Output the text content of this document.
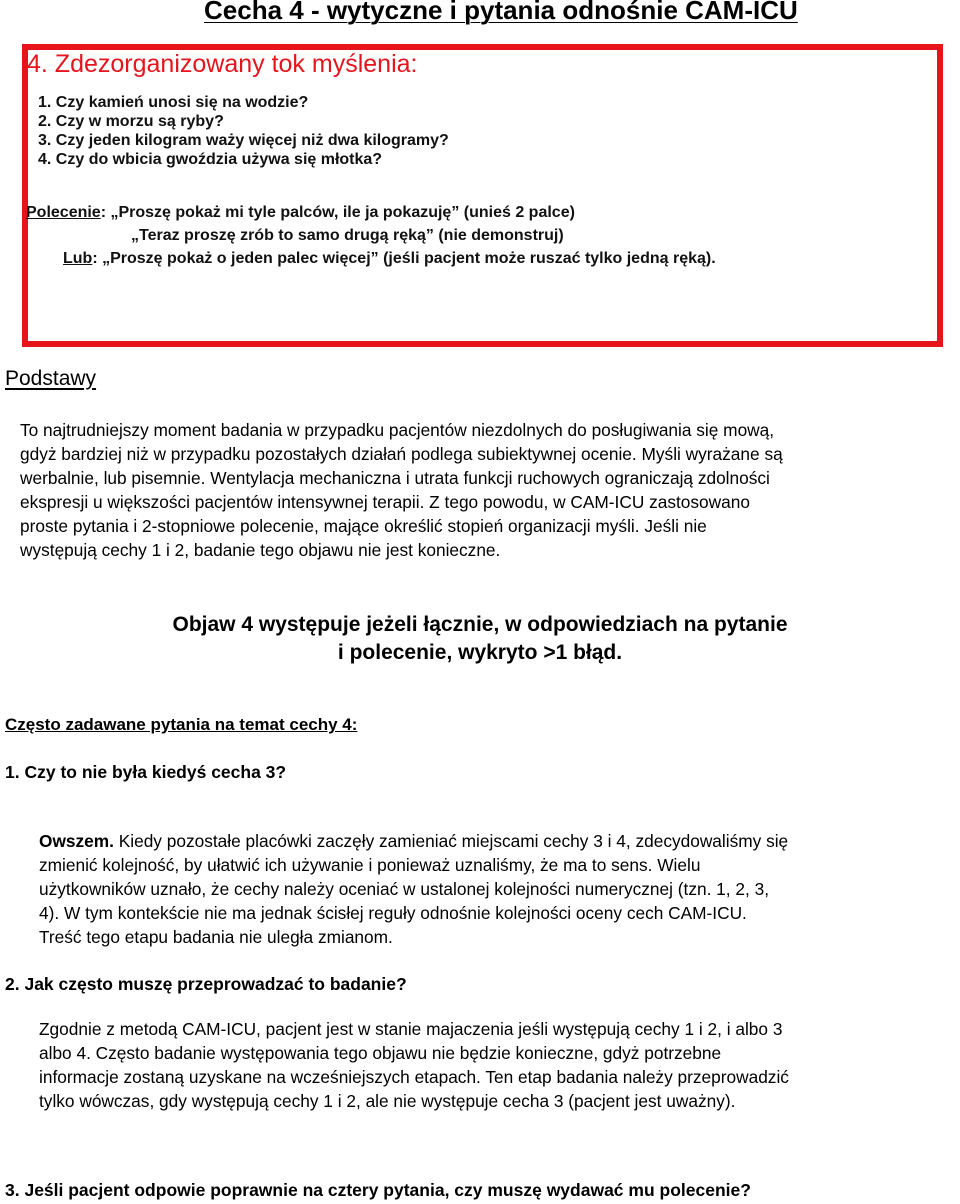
Cecha 4 - wytyczne i pytania odnośnie CAM-ICU
4. Zdezorganizowany tok myślenia:
1. Czy kamień unosi się na wodzie?
2. Czy w morzu są ryby?
3. Czy jeden kilogram waży więcej niż dwa kilogramy?
4. Czy do wbicia gwoździa używa się młotka?
Polecenie: „Proszę pokaż mi tyle palców, ile ja pokazuję” (unieś 2 palce)
„Teraz proszę zrób to samo drugą ręką” (nie demonstruj)
Lub: „Proszę pokaż o jeden palec więcej” (jeśli pacjent może ruszać tylko jedną ręką).
Podstawy
To najtrudniejszy moment badania w przypadku pacjentów niezdolnych do posługiwania się mową,
gdyż bardziej niż w przypadku pozostałych działań podlega subiektywnej ocenie. Myśli wyrażane są
werbalnie, lub pisemnie. Wentylacja mechaniczna i utrata funkcji ruchowych ograniczają zdolności
ekspresji u większości pacjentów intensywnej terapii. Z tego powodu, w CAM-ICU zastosowano
proste pytania i 2-stopniowe polecenie, mające określić stopień organizacji myśli. Jeśli nie
występują cechy 1 i 2, badanie tego objawu nie jest konieczne.
Objaw 4 występuje jeżeli łącznie, w odpowiedziach na pytanie
i polecenie, wykryto >1 błąd.
Często zadawane pytania na temat cechy 4:
1. Czy to nie była kiedyś cecha 3?
Owszem. Kiedy pozostałe placówki zaczęły zamieniać miejscami cechy 3 i 4, zdecydowaliśmy się
zmienić kolejność, by ułatwić ich używanie i ponieważ uznaliśmy, że ma to sens. Wielu
użytkowników uznało, że cechy należy oceniać w ustalonej kolejności numerycznej (tzn. 1, 2, 3,
4). W tym kontekście nie ma jednak ścisłej reguły odnośnie kolejności oceny cech CAM-ICU.
Treść tego etapu badania nie uległa zmianom.
2. Jak często muszę przeprowadzać to badanie?
Zgodnie z metodą CAM-ICU, pacjent jest w stanie majaczenia jeśli występują cechy 1 i 2, i albo 3
albo 4. Często badanie występowania tego objawu nie będzie konieczne, gdyż potrzebne
informacje zostaną uzyskane na wcześniejszych etapach. Ten etap badania należy przeprowadzić
tylko wówczas, gdy występują cechy 1 i 2, ale nie występuje cecha 3 (pacjent jest uważny).
3. Jeśli pacjent odpowie poprawnie na cztery pytania, czy muszę wydawać mu polecenie?
